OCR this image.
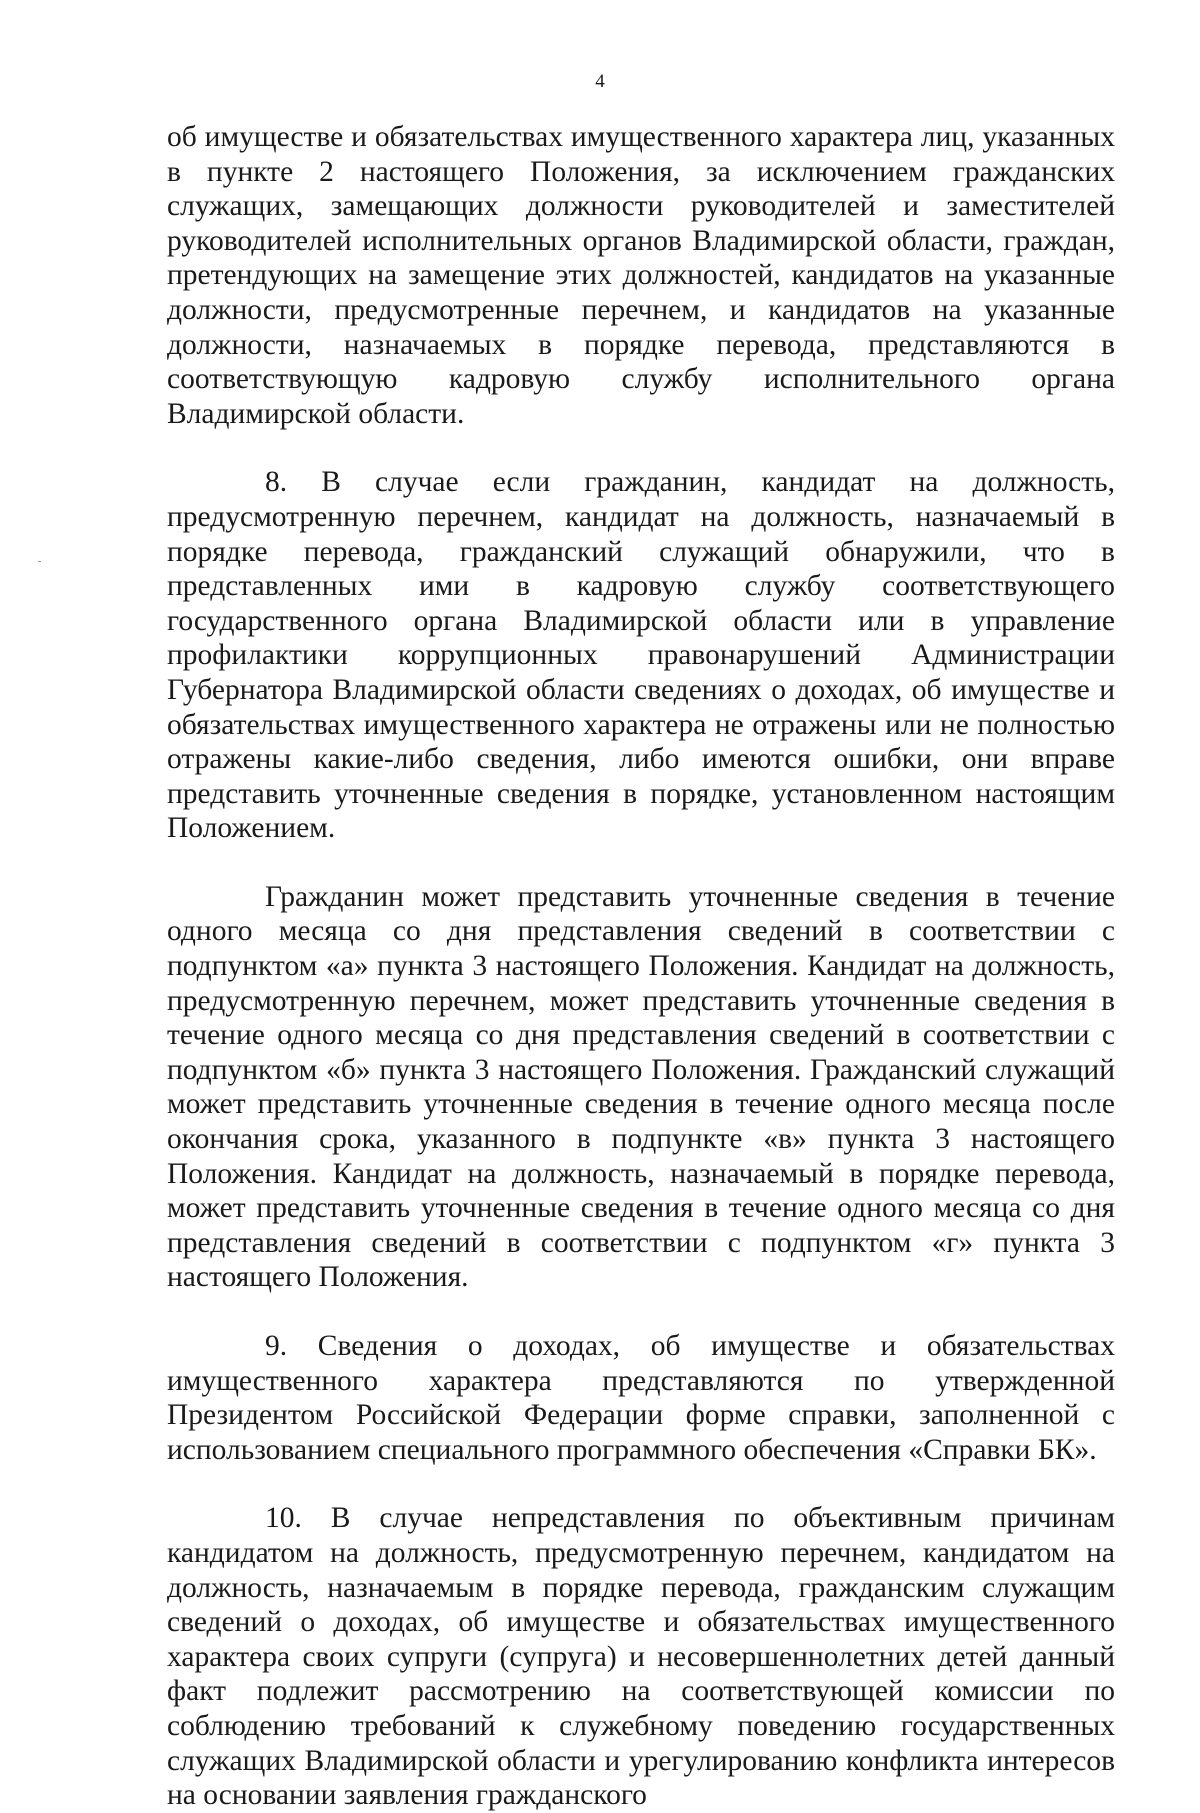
4

об имуществе и обязательствах имущественного характера лиц, указанных в пункте 2 настоящего Положения, за исключением гражданских служащих, замещающих должности руководителей и заместителей руководителей исполнительных органов Владимирской области, граждан, претендующих на замещение этих должностей, кандидатов на указанные должности, предусмотренные перечнем, и кандидатов на указанные должности, назначаемых в порядке перевода, представляются в соответствующую кадровую службу исполнительного органа Владимирской области.

8. В случае если гражданин, кандидат на должность, предусмотренную перечнем, кандидат на должность, назначаемый в порядке перевода, гражданский служащий обнаружили, что в представленных ими в кадровую службу соответствующего государственного органа Владимирской области или в управление профилактики коррупционных правонарушений Администрации Губернатора Владимирской области сведениях о доходах, об имуществе и обязательствах имущественного характера не отражены или не полностью отражены какие-либо сведения, либо имеются ошибки, они вправе представить уточненные сведения в порядке, установленном настоящим Положением.

Гражданин может представить уточненные сведения в течение одного месяца со дня представления сведений в соответствии с подпунктом «а» пункта 3 настоящего Положения. Кандидат на должность, предусмотренную перечнем, может представить уточненные сведения в течение одного месяца со дня представления сведений в соответствии с подпунктом «б» пункта 3 настоящего Положения. Гражданский служащий может представить уточненные сведения в течение одного месяца после окончания срока, указанного в подпункте «в» пункта 3 настоящего Положения. Кандидат на должность, назначаемый в порядке перевода, может представить уточненные сведения в течение одного месяца со дня представления сведений в соответствии с подпунктом «г» пункта 3 настоящего Положения.

9. Сведения о доходах, об имуществе и обязательствах имущественного характера представляются по утвержденной Президентом Российской Федерации форме справки, заполненной с использованием специального программного обеспечения «Справки БК».

10. В случае непредставления по объективным причинам кандидатом на должность, предусмотренную перечнем, кандидатом на должность, назначаемым в порядке перевода, гражданским служащим сведений о доходах, об имуществе и обязательствах имущественного характера своих супруги (супруга) и несовершеннолетних детей данный факт подлежит рассмотрению на соответствующей комиссии по соблюдению требований к служебному поведению государственных служащих Владимирской области и урегулированию конфликта интересов на основании заявления гражданского
